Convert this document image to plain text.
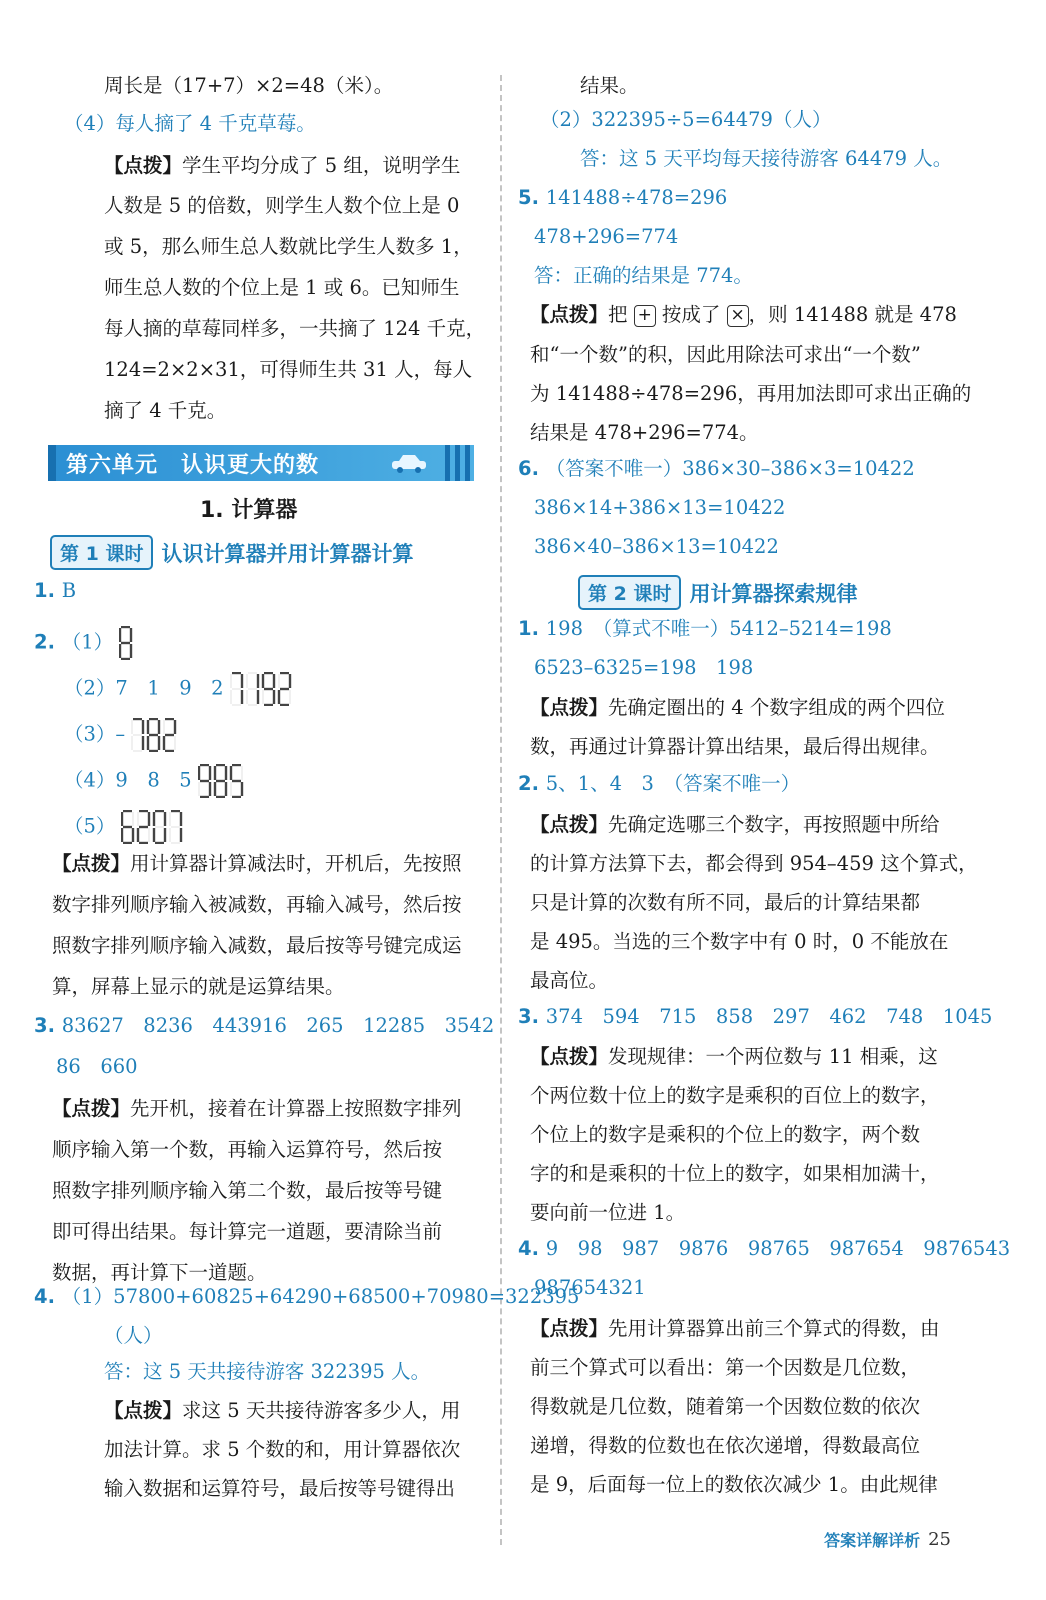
周长是（17+7）×2=48（米）。
（4）每人摘了 4 千克草莓。
【点拨】学生平均分成了 5 组，说明学生
人数是 5 的倍数，则学生人数个位上是 0
或 5，那么师生总人数就比学生人数多 1，
师生总人数的个位上是 1 或 6。已知师生
每人摘的草莓同样多，一共摘了 124 千克，
124=2×2×31，可得师生共 31 人，每人
摘了 4 千克。
1. B
2. （1）
（2）7　1　9　2
（3）–
（4）9　8　5
（5）
【点拨】用计算器计算减法时，开机后，先按照
数字排列顺序输入被减数，再输入减号，然后按
照数字排列顺序输入减数，最后按等号键完成运
算，屏幕上显示的就是运算结果。
3. 83627　8236　443916　265　12285　3542
86　660
【点拨】先开机，接着在计算器上按照数字排列
顺序输入第一个数，再输入运算符号，然后按
照数字排列顺序输入第二个数，最后按等号键
即可得出结果。每计算完一道题，要清除当前
数据，再计算下一道题。
4. （1）57800+60825+64290+68500+70980=322395
（人）
答：这 5 天共接待游客 322395 人。
【点拨】求这 5 天共接待游客多少人，用
加法计算。求 5 个数的和，用计算器依次
输入数据和运算符号，最后按等号键得出
结果。
（2）322395÷5=64479（人）
答：这 5 天平均每天接待游客 64479 人。
5. 141488÷478=296
478+296=774
答：正确的结果是 774。
【点拨】把 + 按成了 × ，则 141488 就是 478
和“一个数”的积，因此用除法可求出“一个数”
为 141488÷478=296，再用加法即可求出正确的
结果是 478+296=774。
6. （答案不唯一）386×30–386×3=10422
386×14+386×13=10422
386×40–386×13=10422
1. 198　（算式不唯一）5412–5214=198
6523–6325=198　198
【点拨】先确定圈出的 4 个数字组成的两个四位
数，再通过计算器计算出结果，最后得出规律。
2. 5、1、4　3　（答案不唯一）
【点拨】先确定选哪三个数字，再按照题中所给
的计算方法算下去，都会得到 954–459 这个算式，
只是计算的次数有所不同，最后的计算结果都
是 495。当选的三个数字中有 0 时，0 不能放在
最高位。
3. 374　594　715　858　297　462　748　1045
【点拨】发现规律：一个两位数与 11 相乘，这
个两位数十位上的数字是乘积的百位上的数字，
个位上的数字是乘积的个位上的数字，两个数
字的和是乘积的十位上的数字，如果相加满十，
要向前一位进 1。
4. 9　98　987　9876　98765　987654　9876543
987654321
【点拨】先用计算器算出前三个算式的得数，由
前三个算式可以看出：第一个因数是几位数，
得数就是几位数，随着第一个因数位数的依次
递增，得数的位数也在依次递增，得数最高位
是 9，后面每一位上的数依次减少 1。由此规律
第六单元　认识更大的数
1. 计算器
第 1 课时 认识计算器并用计算器计算
第 2 课时 用计算器探索规律
答案详解详析 25
